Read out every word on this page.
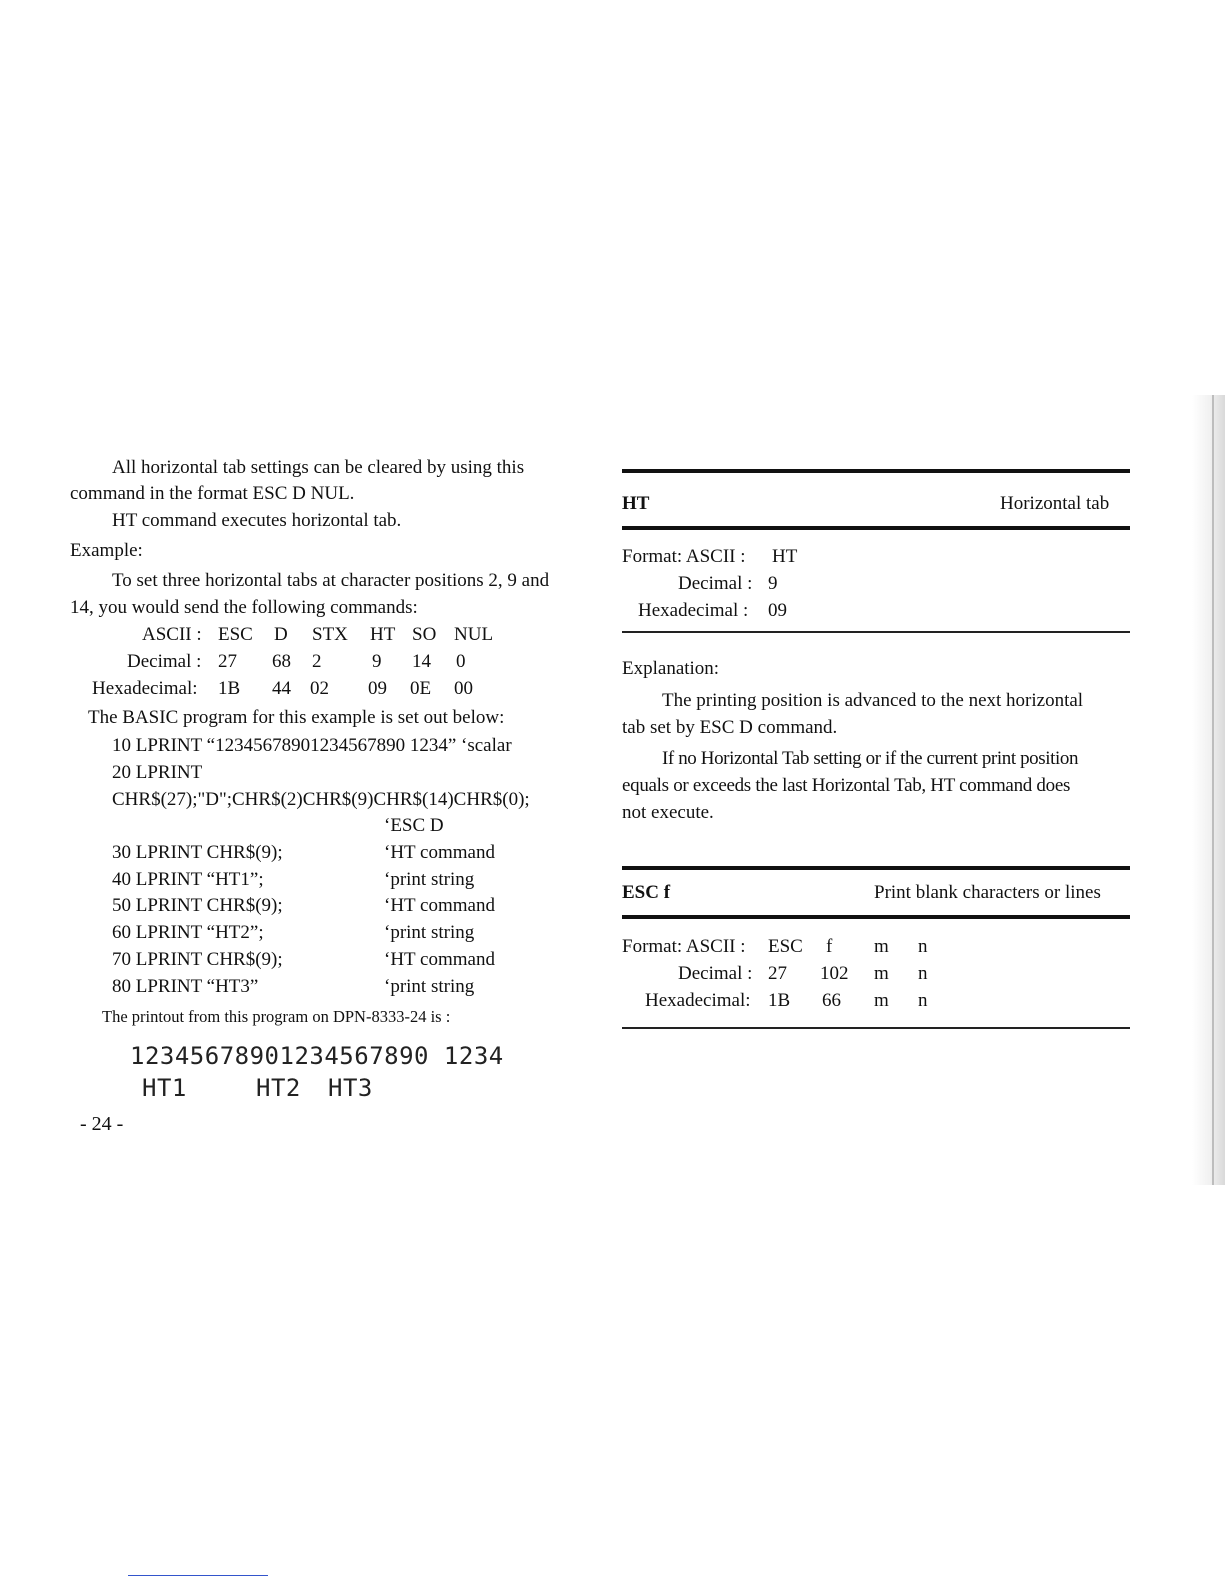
All horizontal tab settings can be cleared by using this
command in the format ESC D NUL.
HT command executes horizontal tab.
Example:
To set three horizontal tabs at character positions 2, 9 and
14, you would send the following commands:
ASCII : ESC D STX HT SO NUL
Decimal : 27 68 2	9 14 0
Hexadecimal: 1B 44 02 09 0E 00
The BASIC program for this example is set out below:
10 LPRINT “12345678901234567890 1234” ‘scalar
20 LPRINT
CHR$(27);"D";CHR$(2)CHR$(9)CHR$(14)CHR$(0);
‘ESC D
30 LPRINT CHR$(9);	‘HT command
40 LPRINT “HT1”;	‘print string
50 LPRINT CHR$(9);	‘HT command
60 LPRINT “HT2”;	‘print string
70 LPRINT CHR$(9);	‘HT command
80 LPRINT “HT3”	‘print string
The printout from this program on DPN-8333-24 is :
12345678901234567890 1234
HT1	HT2 HT3
- 24 -
HT	Horizontal tab
Format: ASCII : HT
Decimal : 9
Hexadecimal : 09
Explanation:
The printing position is advanced to the next horizontal
tab set by ESC D command.
If no Horizontal Tab setting or if the current print position
equals or exceeds the last Horizontal Tab, HT command does
not execute.
ESC f	Print blank characters or lines
Format: ASCII : ESC f m n
Decimal : 27 102 m n
Hexadecimal: 1B 66 m n
